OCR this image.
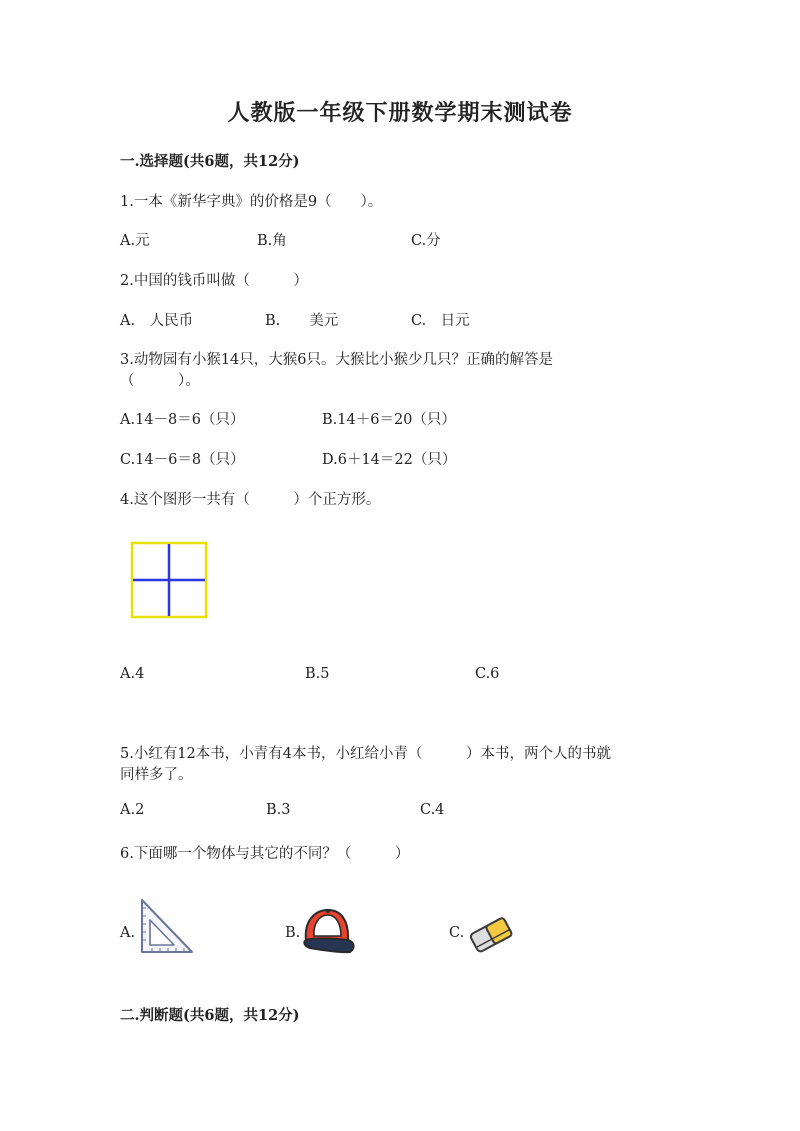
人教版一年级下册数学期末测试卷
一.选择题(共6题，共12分)
1.一本《新华字典》的价格是9（　　）。
A.元	B.角	C.分
2.中国的钱币叫做（　　　）
A.　人民币	B.　　美元	C.　日元
3.动物园有小猴14只，大猴6只。大猴比小猴少几只？正确的解答是
（　　　）。
A.14－8＝6（只）	B.14＋6＝20（只）
C.14－6＝8（只）	D.6＋14＝22（只）
4.这个图形一共有（　　　）个正方形。
A.4	B.5	C.6
5.小红有12本书，小青有4本书，小红给小青（　　　）本书，两个人的书就
同样多了。
A.2	B.3	C.4
6.下面哪一个物体与其它的不同？（　　　）
A.	B.	C.
二.判断题(共6题，共12分)
